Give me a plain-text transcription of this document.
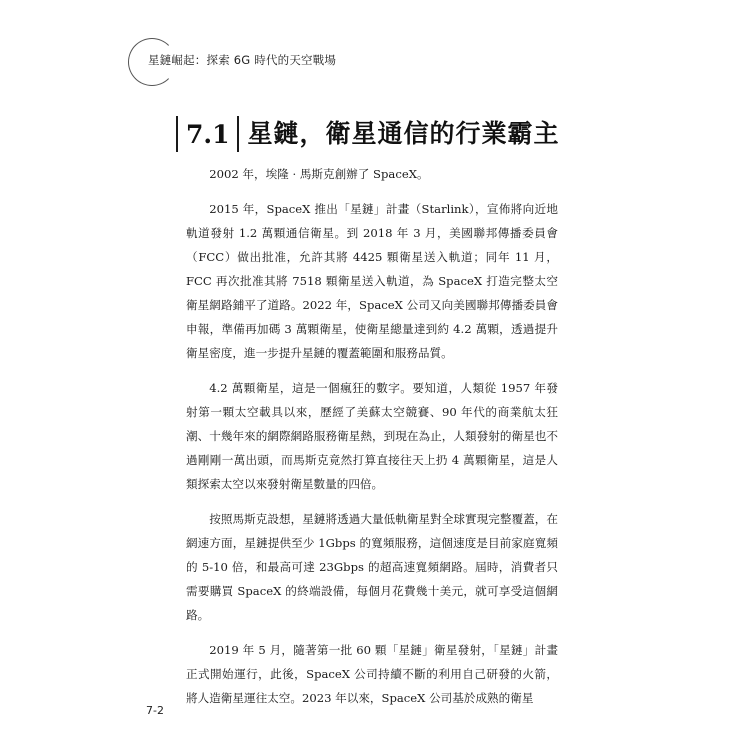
星鏈崛起：探索 6G 時代的天空戰場
7.1 星鏈，衛星通信的行業霸主

2002 年，埃隆 · 馬斯克創辦了 SpaceX。

2015 年，SpaceX 推出「星鏈」計畫（Starlink），宣佈將向近地軌道發射 1.2 萬顆通信衛星。到 2018 年 3 月，美國聯邦傳播委員會（FCC）做出批准，允許其將 4425 顆衛星送入軌道；同年 11 月，FCC 再次批准其將 7518 顆衛星送入軌道，為 SpaceX 打造完整太空衛星網路鋪平了道路。2022 年，SpaceX 公司又向美國聯邦傳播委員會申報，準備再加碼 3 萬顆衛星，使衛星總量達到約 4.2 萬顆，透過提升衛星密度，進一步提升星鏈的覆蓋範圍和服務品質。

4.2 萬顆衛星，這是一個瘋狂的數字。要知道，人類從 1957 年發射第一顆太空載具以來，歷經了美蘇太空競賽、90 年代的商業航太狂潮、十幾年來的網際網路服務衛星熱，到現在為止，人類發射的衛星也不過剛剛一萬出頭，而馬斯克竟然打算直接往天上扔 4 萬顆衛星，這是人類探索太空以來發射衛星數量的四倍。

按照馬斯克設想，星鏈將透過大量低軌衛星對全球實現完整覆蓋，在網速方面，星鏈提供至少 1Gbps 的寬頻服務，這個速度是目前家庭寬頻的 5-10 倍，和最高可達 23Gbps 的超高速寬頻網路。屆時，消費者只需要購買 SpaceX 的終端設備，每個月花費幾十美元，就可享受這個網路。

2019 年 5 月，隨著第一批 60 顆「星鏈」衛星發射，「星鏈」計畫正式開始運行，此後，SpaceX 公司持續不斷的利用自己研發的火箭，將人造衛星運往太空。2023 年以來，SpaceX 公司基於成熟的衛星

7-2
